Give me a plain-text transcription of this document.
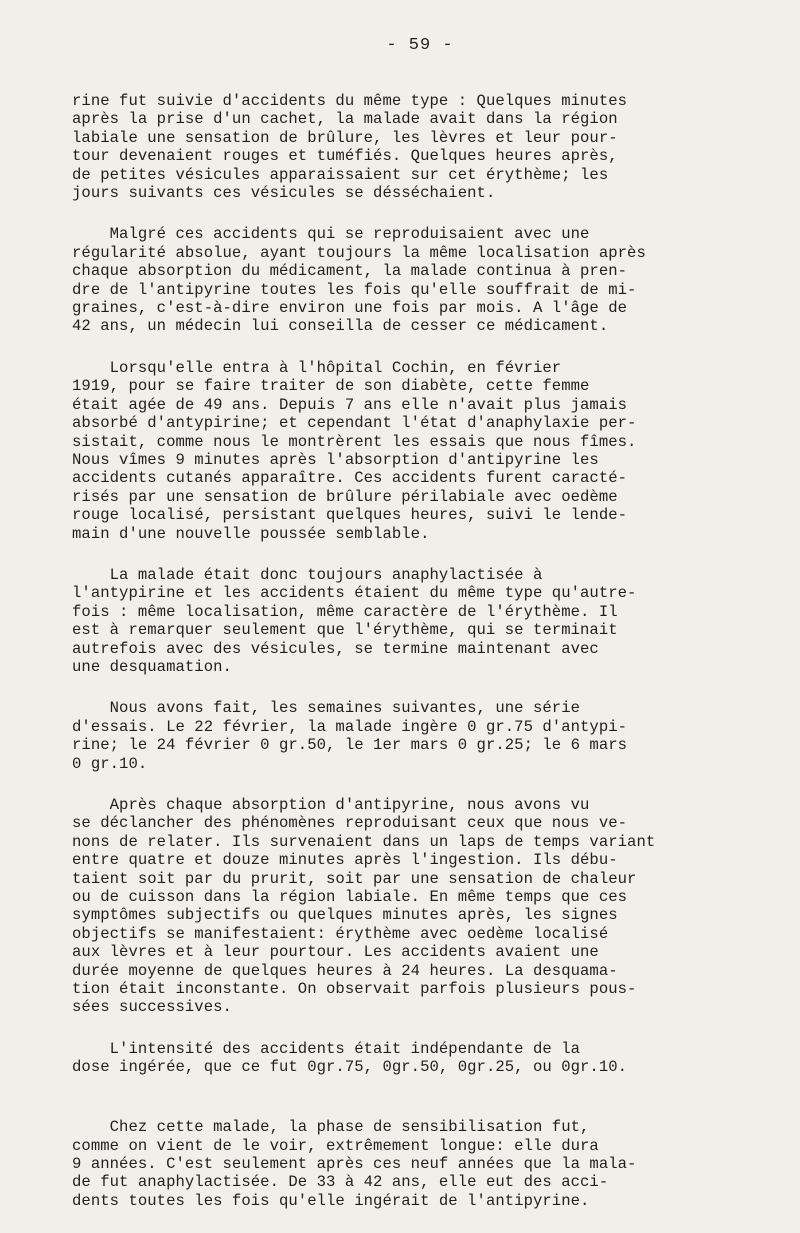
- 59 -
rine fut suivie d'accidents du même type : Quelques minutes
après la prise d'un cachet, la malade avait dans la région
labiale une sensation de brûlure, les lèvres et leur pour-
tour devenaient rouges et tuméfiés. Quelques heures après,
de petites vésicules apparaissaient sur cet érythème; les
jours suivants ces vésicules se désséchaient.
Malgré ces accidents qui se reproduisaient avec une
régularité absolue, ayant toujours la même localisation après
chaque absorption du médicament, la malade continua à pren-
dre de l'antipyrine toutes les fois qu'elle souffrait de mi-
graines, c'est-à-dire environ une fois par mois. A l'âge de
42 ans, un médecin lui conseilla de cesser ce médicament.
Lorsqu'elle entra à l'hôpital Cochin, en février
1919, pour se faire traiter de son diabète, cette femme
était agée de 49 ans. Depuis 7 ans elle n'avait plus jamais
absorbé d'antypirine; et cependant l'état d'anaphylaxie per-
sistait, comme nous le montrèrent les essais que nous fîmes.
Nous vîmes 9 minutes après l'absorption d'antipyrine les
accidents cutanés apparaître. Ces accidents furent caracté-
risés par une sensation de brûlure périlabiale avec oedème
rouge localisé, persistant quelques heures, suivi le lende-
main d'une nouvelle poussée semblable.
La malade était donc toujours anaphylactisée à
l'antypirine et les accidents étaient du même type qu'autre-
fois : même localisation, même caractère de l'érythème. Il
est à remarquer seulement que l'érythème, qui se terminait
autrefois avec des vésicules, se termine maintenant avec
une desquamation.
Nous avons fait, les semaines suivantes, une série
d'essais. Le 22 février, la malade ingère 0 gr.75 d'antypi-
rine; le 24 février 0 gr.50, le 1er mars 0 gr.25; le 6 mars
0 gr.10.
Après chaque absorption d'antipyrine, nous avons vu
se déclancher des phénomènes reproduisant ceux que nous ve-
nons de relater. Ils survenaient dans un laps de temps variant
entre quatre et douze minutes après l'ingestion. Ils débu-
taient soit par du prurit, soit par une sensation de chaleur
ou de cuisson dans la région labiale. En même temps que ces
symptômes subjectifs ou quelques minutes après, les signes
objectifs se manifestaient: érythème avec oedème localisé
aux lèvres et à leur pourtour. Les accidents avaient une
durée moyenne de quelques heures à 24 heures. La desquama-
tion était inconstante. On observait parfois plusieurs pous-
sées successives.
L'intensité des accidents était indépendante de la
dose ingérée, que ce fut 0gr.75, 0gr.50, 0gr.25, ou 0gr.10.

Chez cette malade, la phase de sensibilisation fut,
comme on vient de le voir, extrêmement longue: elle dura
9 années. C'est seulement après ces neuf années que la mala-
de fut anaphylactisée. De 33 à 42 ans, elle eut des acci-
dents toutes les fois qu'elle ingérait de l'antipyrine.
